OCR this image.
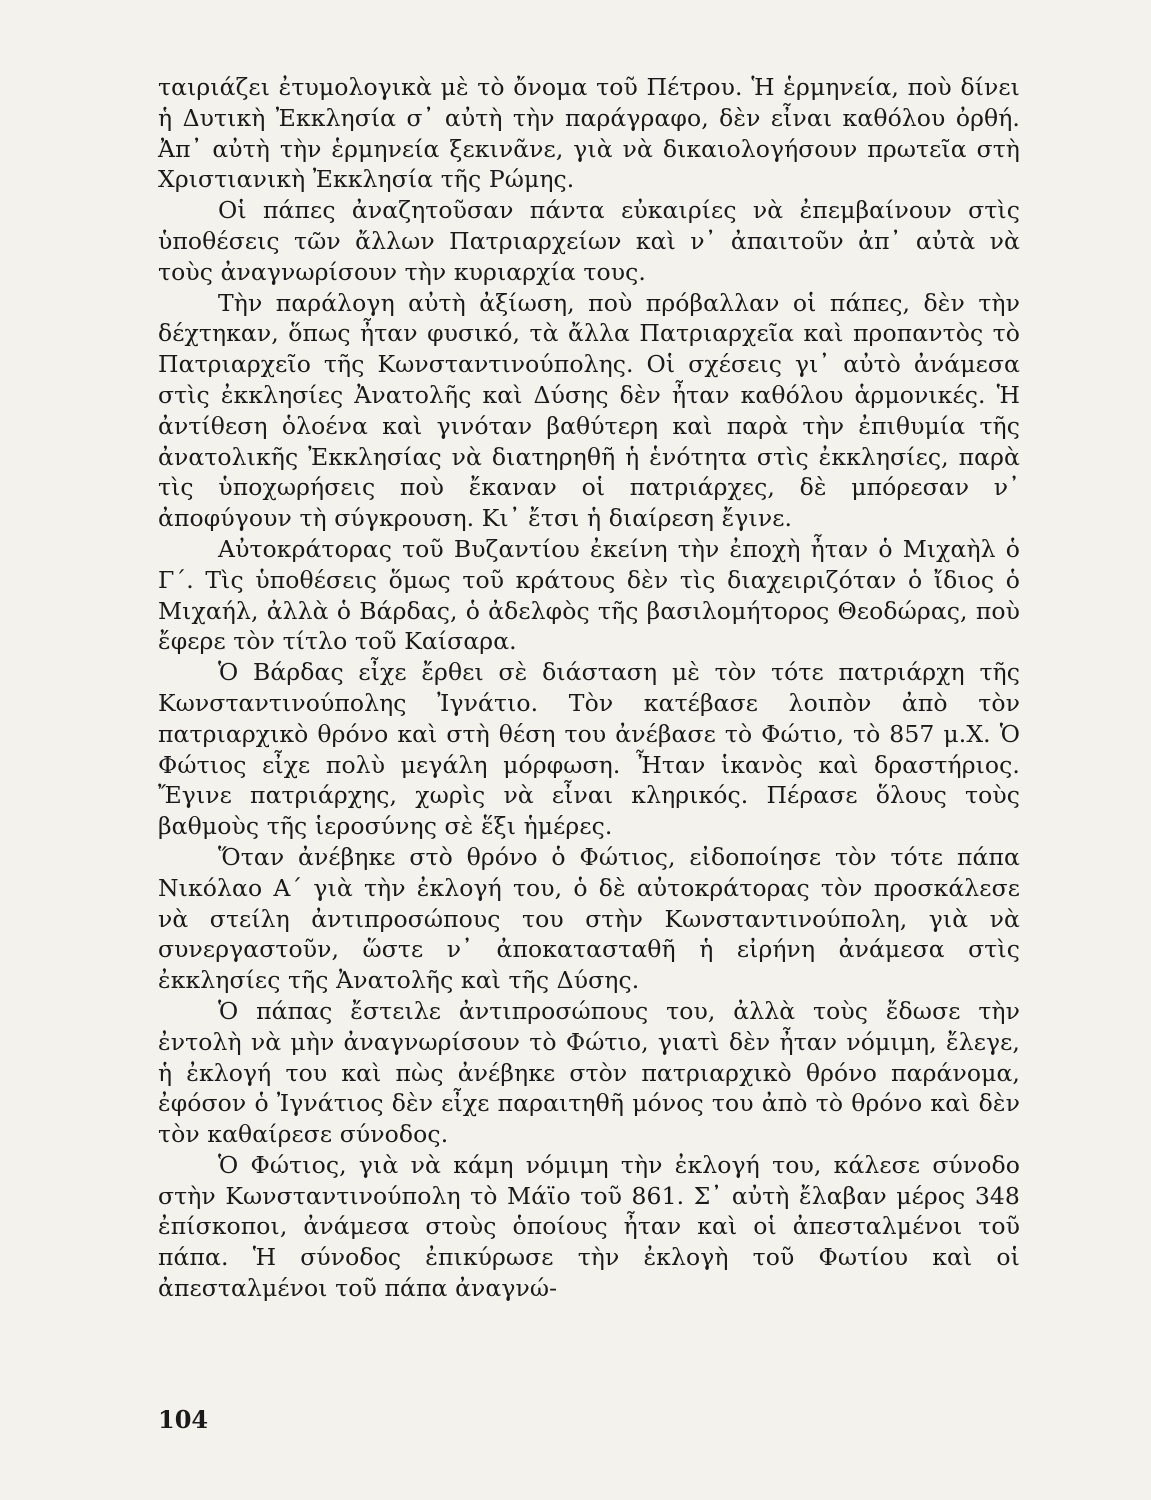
ταιριάζει ἐτυμολογικὰ μὲ τὸ ὄνομα τοῦ Πέτρου. Ἡ ἑρμηνεία, ποὺ δίνει ἡ Δυτικὴ Ἐκκλησία σ᾽ αὐτὴ τὴν παράγραφο, δὲν εἶναι καθόλου ὀρθή. Ἀπ᾽ αὐτὴ τὴν ἑρμηνεία ξεκινᾶνε, γιὰ νὰ δικαιολογήσουν πρωτεῖα στὴ Χριστιανικὴ Ἐκκλησία τῆς Ρώμης.

Οἱ πάπες ἀναζητοῦσαν πάντα εὐκαιρίες νὰ ἐπεμβαίνουν στὶς ὑποθέσεις τῶν ἄλλων Πατριαρχείων καὶ ν᾽ ἀπαιτοῦν ἀπ᾽ αὐτὰ νὰ τοὺς ἀναγνωρίσουν τὴν κυριαρχία τους.

Τὴν παράλογη αὐτὴ ἀξίωση, ποὺ πρόβαλλαν οἱ πάπες, δὲν τὴν δέχτηκαν, ὅπως ἦταν φυσικό, τὰ ἄλλα Πατριαρχεῖα καὶ προπαντὸς τὸ Πατριαρχεῖο τῆς Κωνσταντινούπολης. Οἱ σχέσεις γι᾽ αὐτὸ ἀνάμεσα στὶς ἐκκλησίες Ἀνατολῆς καὶ Δύσης δὲν ἦταν καθόλου ἁρμονικές. Ἡ ἀντίθεση ὁλοένα καὶ γινόταν βαθύτερη καὶ παρὰ τὴν ἐπιθυμία τῆς ἀνατολικῆς Ἐκκλησίας νὰ διατηρηθῆ ἡ ἑνότητα στὶς ἐκκλησίες, παρὰ τὶς ὑποχωρήσεις ποὺ ἔκαναν οἱ πατριάρχες, δὲ μπόρεσαν ν᾽ ἀποφύγουν τὴ σύγκρουση. Κι᾽ ἔτσι ἡ διαίρεση ἔγινε.

Αὐτοκράτορας τοῦ Βυζαντίου ἐκείνη τὴν ἐποχὴ ἦταν ὁ Μιχαὴλ ὁ Γ΄. Τὶς ὑποθέσεις ὅμως τοῦ κράτους δὲν τὶς διαχειριζόταν ὁ ἴδιος ὁ Μιχαήλ, ἀλλὰ ὁ Βάρδας, ὁ ἀδελφὸς τῆς βασιλομήτορος Θεοδώρας, ποὺ ἔφερε τὸν τίτλο τοῦ Καίσαρα.

Ὁ Βάρδας εἶχε ἔρθει σὲ διάσταση μὲ τὸν τότε πατριάρχη τῆς Κωνσταντινούπολης Ἰγνάτιο. Τὸν κατέβασε λοιπὸν ἀπὸ τὸν πατριαρχικὸ θρόνο καὶ στὴ θέση του ἀνέβασε τὸ Φώτιο, τὸ 857 μ.Χ. Ὁ Φώτιος εἶχε πολὺ μεγάλη μόρφωση. Ἦταν ἱκανὸς καὶ δραστήριος. Ἔγινε πατριάρχης, χωρὶς νὰ εἶναι κληρικός. Πέρασε ὅλους τοὺς βαθμοὺς τῆς ἱεροσύνης σὲ ἕξι ἡμέρες.

Ὅταν ἀνέβηκε στὸ θρόνο ὁ Φώτιος, εἰδοποίησε τὸν τότε πάπα Νικόλαο Α΄ γιὰ τὴν ἐκλογή του, ὁ δὲ αὐτοκράτορας τὸν προσκάλεσε νὰ στείλη ἀντιπροσώπους του στὴν Κωνσταντινούπολη, γιὰ νὰ συνεργαστοῦν, ὥστε ν᾽ ἀποκατασταθῆ ἡ εἰρήνη ἀνάμεσα στὶς ἐκκλησίες τῆς Ἀνατολῆς καὶ τῆς Δύσης.

Ὁ πάπας ἔστειλε ἀντιπροσώπους του, ἀλλὰ τοὺς ἔδωσε τὴν ἐντολὴ νὰ μὴν ἀναγνωρίσουν τὸ Φώτιο, γιατὶ δὲν ἦταν νόμιμη, ἔλεγε, ἡ ἐκλογή του καὶ πὼς ἀνέβηκε στὸν πατριαρχικὸ θρόνο παράνομα, ἐφόσον ὁ Ἰγνάτιος δὲν εἶχε παραιτηθῆ μόνος του ἀπὸ τὸ θρόνο καὶ δὲν τὸν καθαίρεσε σύνοδος.

Ὁ Φώτιος, γιὰ νὰ κάμη νόμιμη τὴν ἐκλογή του, κάλεσε σύνοδο στὴν Κωνσταντινούπολη τὸ Μάϊο τοῦ 861. Σ᾽ αὐτὴ ἔλαβαν μέρος 348 ἐπίσκοποι, ἀνάμεσα στοὺς ὁποίους ἦταν καὶ οἱ ἀπεσταλμένοι τοῦ πάπα. Ἡ σύνοδος ἐπικύρωσε τὴν ἐκλογὴ τοῦ Φωτίου καὶ οἱ ἀπεσταλμένοι τοῦ πάπα ἀναγνώ-

104
